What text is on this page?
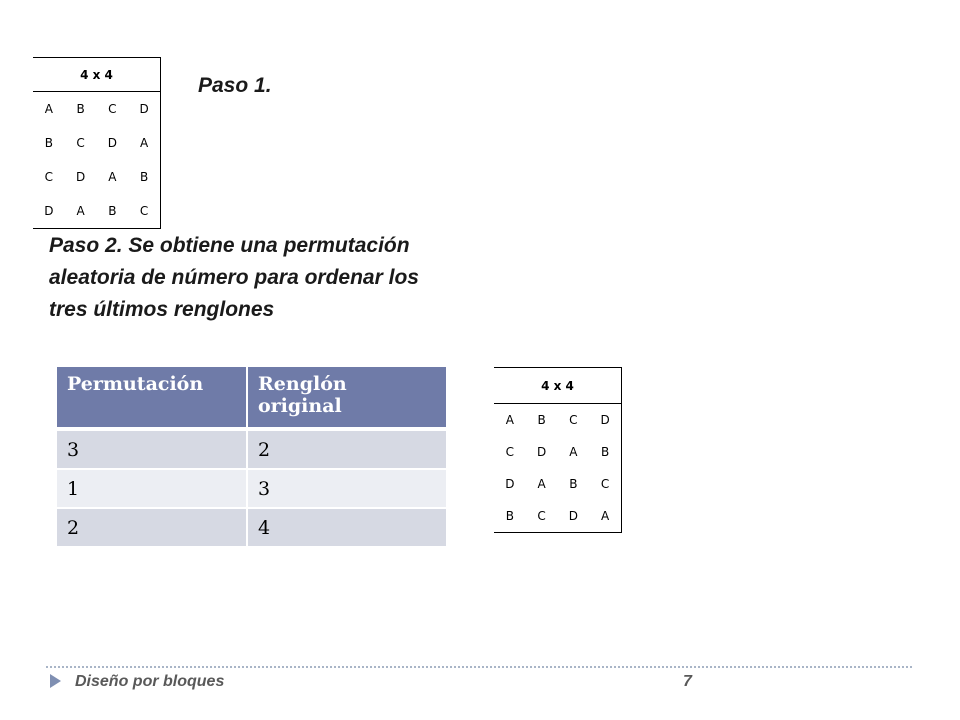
4 x 4			
A	B	C	D
B	C	D	A
C	D	A	B
D	A	B	C
Paso 1.
Paso 2. Se obtiene una permutación aleatoria de número para ordenar los tres últimos renglones
Permutación	Renglón original
3	2
1	3
2	4
4 x 4			
A	B	C	D
C	D	A	B
D	A	B	C
B	C	D	A
Diseño por bloques	7
